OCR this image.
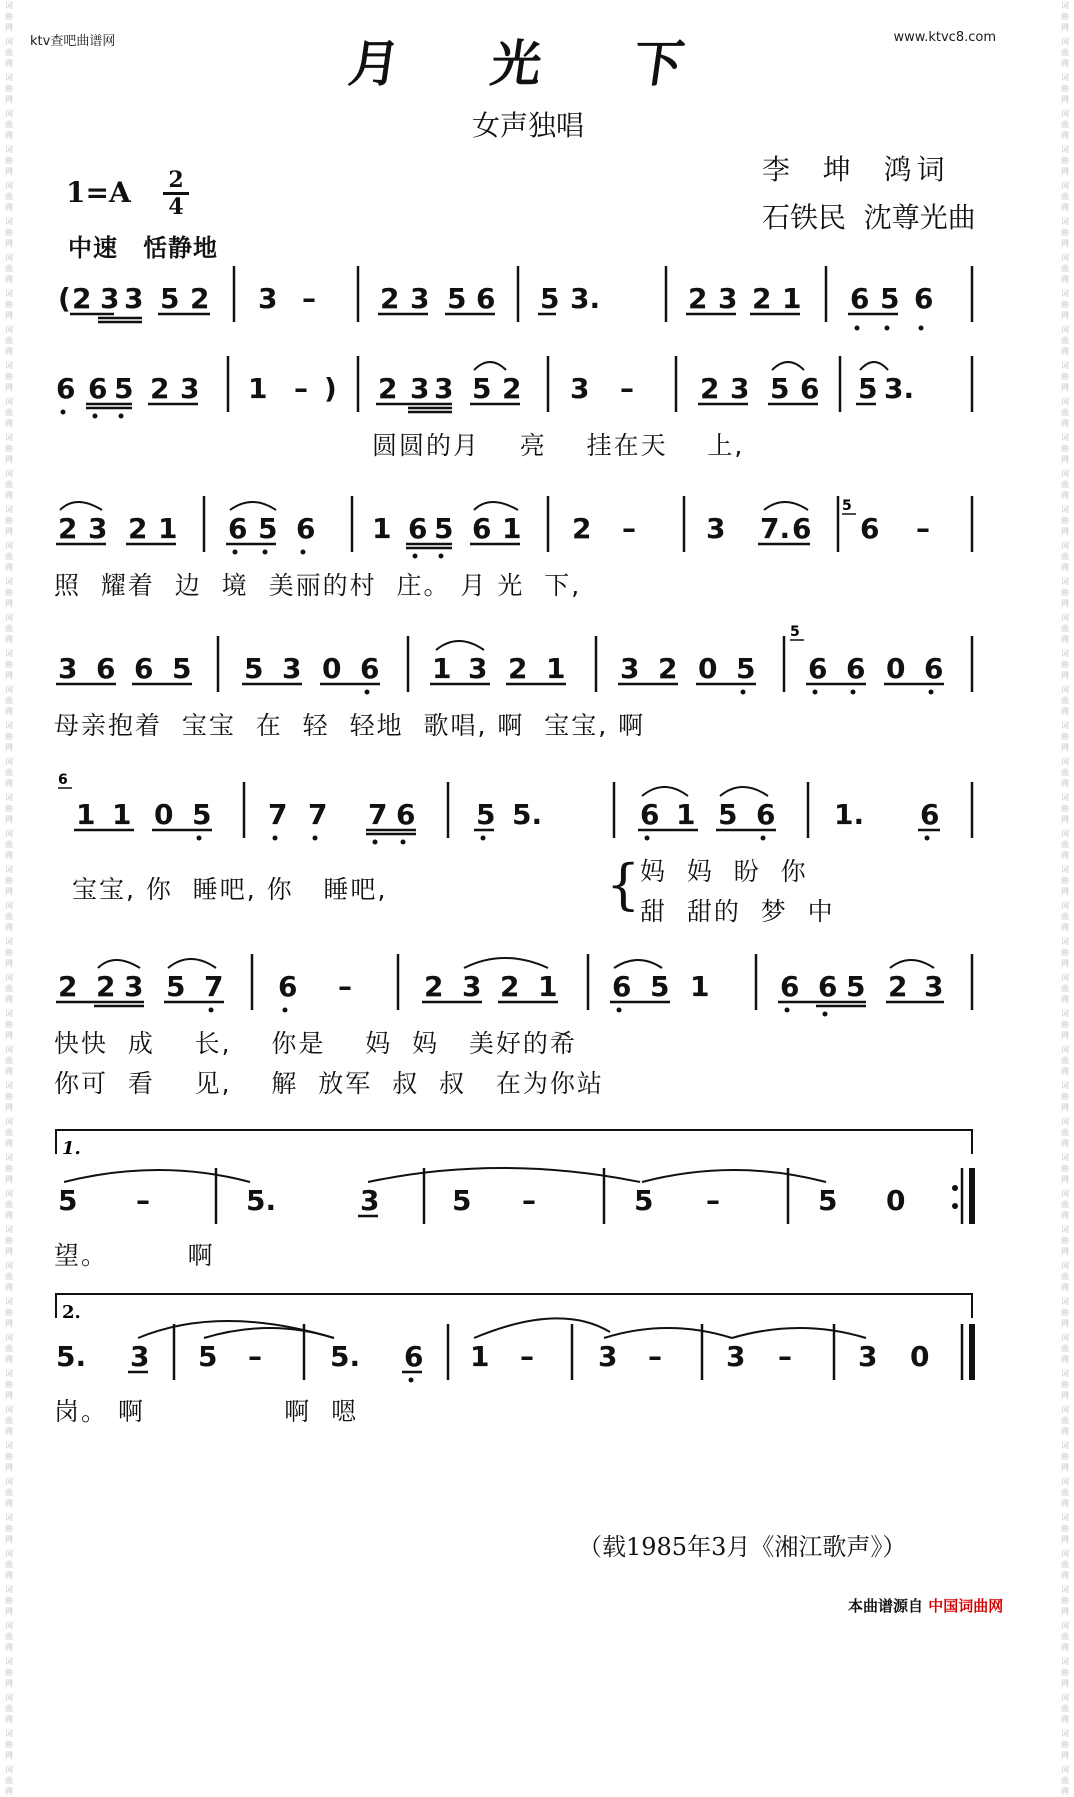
词
曲
网
词
曲
网
词
曲
网
词
曲
网
词
曲
网
词
曲
网
词
曲
网
词
曲
网
词
曲
网
词
曲
网
词
曲
网
词
曲
网
词
曲
网
词
曲
网
词
曲
网
词
曲
网
词
曲
网
词
曲
网
词
曲
网
词
曲
网
词
曲
网
词
曲
网
词
曲
网
词
曲
网
词
曲
网
词
曲
网
词
曲
网
词
曲
网
词
曲
网
词
曲
网
词
曲
网
词
曲
网
词
曲
网
词
曲
网
词
曲
网
词
曲
网
词
曲
网
词
曲
网
词
曲
网
词
曲
网
词
曲
网
词
曲
网
词
曲
网
词
曲
网
词
曲
网
词
曲
网
词
曲
网
词
曲
网
词
曲
网
词
曲
网
词
曲
网
词
曲
网
词
曲
网
词
曲
网
词
曲
网
词
曲
网
词
曲
网
词
曲
网
词
曲
网
词
曲
网
词
曲
网
词
曲
网
词
曲
网
词
曲
网
词
曲
网
词
曲
网
词
曲
网
词
曲
网
词
曲
网
词
曲
网
词
曲
网
词
曲
网
词
曲
网
词
曲
网
词
曲
网
词
曲
网
词
曲
网
词
曲
网
词
曲
网
词
曲
网
词
曲
网
词
曲
网
词
曲
网
词
曲
网
词
曲
网
词
曲
网
词
曲
网
词
曲
网
词
曲
网
词
曲
网
词
曲
网
词
曲
网
词
曲
网
词
曲
网
词
曲
网
词
曲
网
词
曲
网
词
曲
网
词
曲
网
词
曲
网
ktv查吧曲谱网	www.ktvc8.com
月光下
女声独唱
李  坤  鸿词
石铁民  沈尊光曲
1=A 2
4
中速　恬静地
( 2 3 3 5 2 3 – 2 3 5 6 5 3.	2 3 2 1 6 5 6
6 6 5 2 3 1 – ) 2 3 3 5 2 3 – 2 3 5 6 5 3.
圆圆的月    亮    挂在天    上,
2 3 2 1 6 5 6 1 6 5 6 1 2 –	3 7. 6 6 –
5
照  耀着  边  境  美丽的村  庄。 月 光  下,
3 6 6 5 5 3 0 6 1 3 2 1 3 2 0 5 6 6 0 6
5
母亲抱着  宝宝  在  轻  轻地  歌唱, 啊  宝宝, 啊
1 1 0 5 7 7 7 6 5 5.	6 1 5 6 1. 6
6
宝宝, 你  睡吧, 你   睡吧,	{ 妈  妈  盼  你
甜  甜的  梦  中
2 2 3 5 7 6 –	2 3 2 1 6 5 1	6 6 5 2 3
快快  成    长,    你是    妈  妈   美好的希
你可  看    见,    解  放军  叔  叔   在为你站
1.
5 –	5.	3	5 –	5 –	5 0
望。        啊
2.
5. 3 5 – 5. 6 1 – 3 – 3 – 3 0
岗。 啊              啊  嗯
（载1985年3月《湘江歌声》）
本曲谱源自 中国词曲网
